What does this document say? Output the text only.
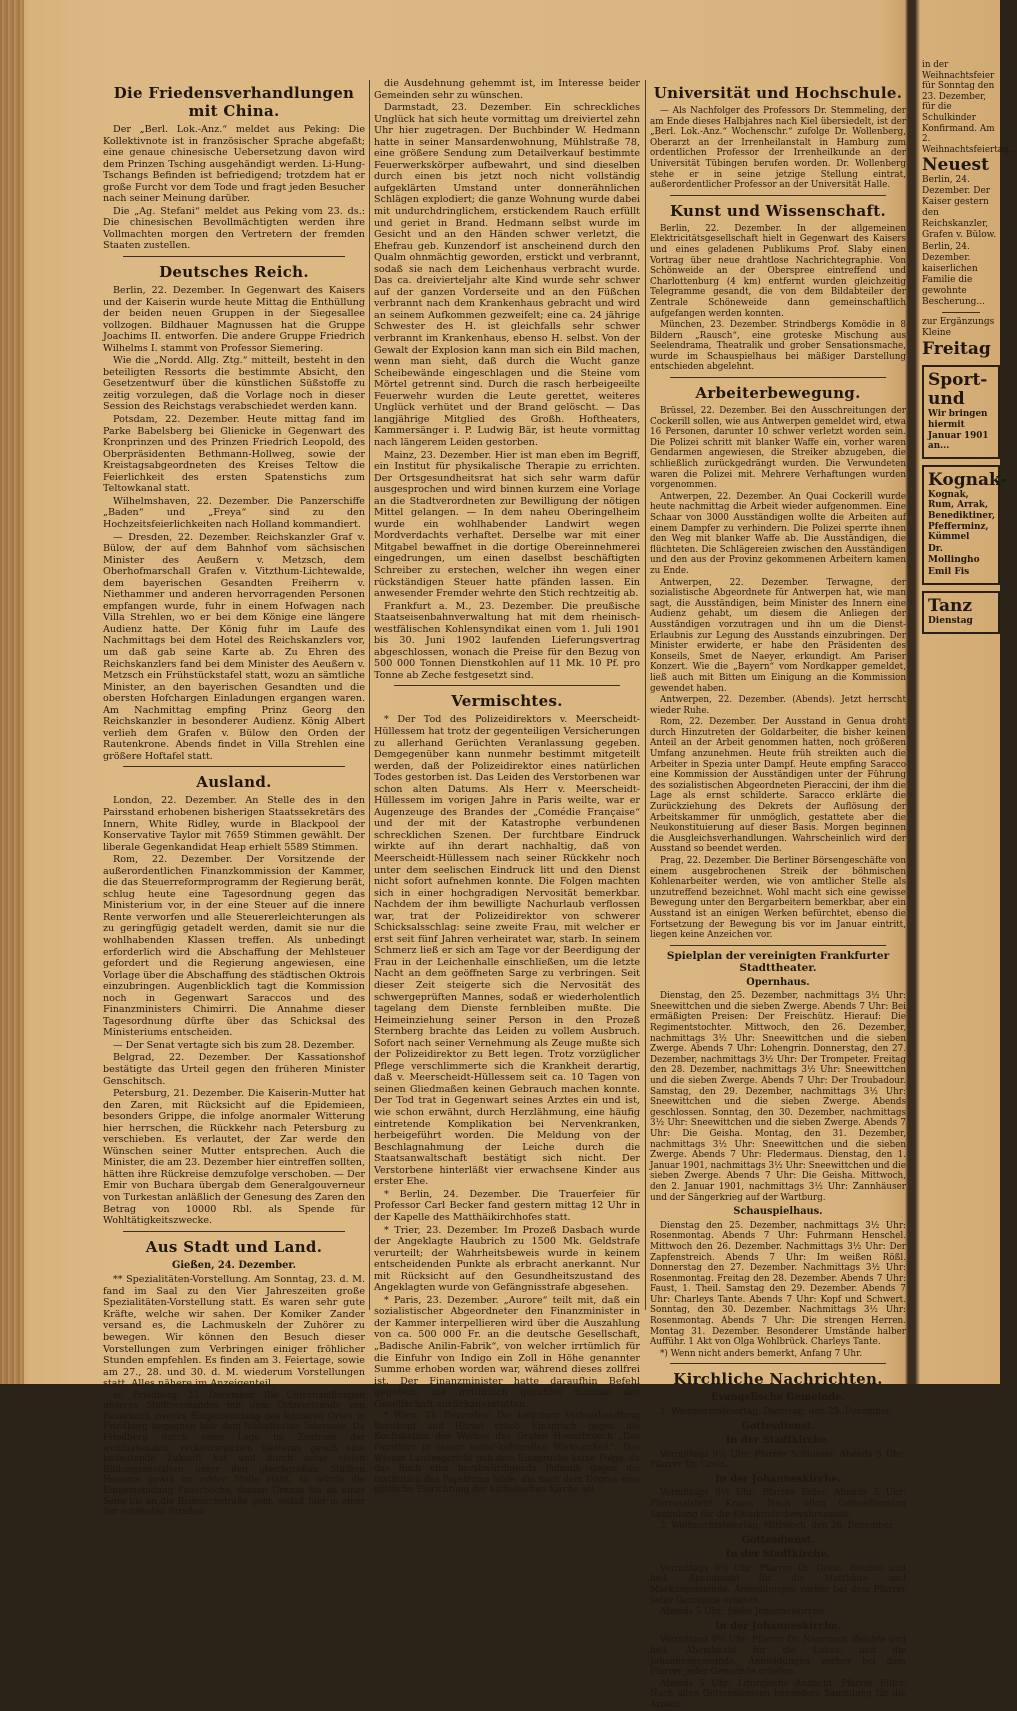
Die Friedensverhandlungen mit China.

Der „Berl. Lok.-Anz.“ meldet aus Peking: Die Kollektivnote ist in französischer Sprache abgefaßt; eine genaue chinesische Uebersetzung davon wird dem Prinzen Tsching ausgehändigt werden. Li-Hung-Tschangs Befinden ist befriedigend; trotzdem hat er große Furcht vor dem Tode und fragt jeden Besucher nach seiner Meinung darüber.

Die „Ag. Stefani“ meldet aus Peking vom 23. ds.: Die chinesischen Bevollmächtigten werden ihre Vollmachten morgen den Vertretern der fremden Staaten zustellen.

Deutsches Reich.

Berlin, 22. Dezember. In Gegenwart des Kaisers und der Kaiserin wurde heute Mittag die Enthüllung der beiden neuen Gruppen in der Siegesallee vollzogen. Bildhauer Magnussen hat die Gruppe Joachims II. entworfen. Die andere Gruppe Friedrich Wilhelms I. stammt von Professor Siemering.

Wie die „Nordd. Allg. Ztg.“ mitteilt, besteht in den beteiligten Ressorts die bestimmte Absicht, den Gesetzentwurf über die künstlichen Süßstoffe zu zeitig vorzulegen, daß die Vorlage noch in dieser Session des Reichstags verabschiedet werden kann.

Potsdam, 22. Dezember. Heute mittag fand im Parke Babelsberg bei Glienicke in Gegenwart des Kronprinzen und des Prinzen Friedrich Leopold, des Oberpräsidenten Bethmann-Hollweg, sowie der Kreistagsabgeordneten des Kreises Teltow die Feierlichkeit des ersten Spatenstichs zum Teltowkanal statt.

Wilhelmshaven, 22. Dezember. Die Panzerschiffe „Baden“ und „Freya“ sind zu den Hochzeitsfeierlichkeiten nach Holland kommandiert.

— Dresden, 22. Dezember. Reichskanzler Graf v. Bülow, der auf dem Bahnhof vom sächsischen Minister des Aeußern v. Metzsch, dem Oberhofmarschall Grafen v. Vitzthum-Lichtewalde, dem bayerischen Gesandten Freiherrn v. Niethammer und anderen hervorragenden Personen empfangen wurde, fuhr in einem Hofwagen nach Villa Strehlen, wo er bei dem Könige eine längere Audienz hatte. Der König fuhr im Laufe des Nachmittags bei dem Hotel des Reichskanzlers vor, um daß gab seine Karte ab. Zu Ehren des Reichskanzlers fand bei dem Minister des Aeußern v. Metzsch ein Frühstückstafel statt, wozu an sämtliche Minister, an den bayerischen Gesandten und die obersten Hofchargen Einladungen ergangen waren. Am Nachmittag empfing Prinz Georg den Reichskanzler in besonderer Audienz. König Albert verlieh dem Grafen v. Bülow den Orden der Rautenkrone. Abends findet in Villa Strehlen eine größere Hoftafel statt.

Ausland.

London, 22. Dezember. An Stelle des in den Pairsstand erhobenen bisherigen Staatssekretärs des Innern, White Ridley, wurde in Blackpool der Konservative Taylor mit 7659 Stimmen gewählt. Der liberale Gegenkandidat Heap erhielt 5589 Stimmen.

Rom, 22. Dezember. Der Vorsitzende der außerordentlichen Finanzkommission der Kammer, die das Steuerreformprogramm der Regierung berät, schlug heute eine Tagesordnung gegen das Ministerium vor, in der eine Steuer auf die innere Rente verworfen und alle Steuererleichterungen als zu geringfügig getadelt werden, damit sie nur die wohlhabenden Klassen treffen. Als unbedingt erforderlich wird die Abschaffung der Mehlsteuer gefordert und die Regierung angewiesen, eine Vorlage über die Abschaffung des städtischen Oktrois einzubringen. Augenblicklich tagt die Kommission noch in Gegenwart Saraccos und des Finanzministers Chimirri. Die Annahme dieser Tagesordnung dürfte über das Schicksal des Ministeriums entscheiden.

— Der Senat vertagte sich bis zum 28. Dezember.

Belgrad, 22. Dezember. Der Kassationshof bestätigte das Urteil gegen den früheren Minister Genschitsch.

Petersburg, 21. Dezember. Die Kaiserin-Mutter hat den Zaren, mit Rücksicht auf die Epidemieen, besonders Grippe, die infolge anormaler Witterung hier herrschen, die Rückkehr nach Petersburg zu verschieben. Es verlautet, der Zar werde den Wünschen seiner Mutter entsprechen. Auch die Minister, die am 23. Dezember hier eintreffen sollten, hätten ihre Rückreise demzufolge verschoben. — Der Emir von Buchara übergab dem Generalgouverneur von Turkestan anläßlich der Genesung des Zaren den Betrag von 10000 Rbl. als Spende für Wohltätigkeitszwecke.

Aus Stadt und Land.
Gießen, 24. Dezember.

** Spezialitäten-Vorstellung. Am Sonntag, 23. d. M. fand im Saal zu den Vier Jahreszeiten große Spezialitäten-Vorstellung statt. Es waren sehr gute Kräfte, welche wir sahen. Der Komiker Zander versand es, die Lachmuskeln der Zuhörer zu bewegen. Wir können den Besuch dieser Vorstellungen zum Verbringen einiger fröhlicher Stunden empfehlen. Es finden am 3. Feiertage, sowie am 27., 28. und 30. d. M. wiederum Vorstellungen statt. Alles nähere im Anzeigenteil.

sc. Friedberg, 23. Dezember. Die Unterhandlungen unseres Stadtvorstandes mit dem Ortsvorstande von Fauerbach zwecks Eingemeindung des letzteren Ortes in Friedberg begegnen hier dem lebhaftesten Interesse. Da Friedberg durch seine Lage im Zentrum der wohlhabenden, verkehrsreichen Wetterau gewiß eine bedeutende Zukunft hat und durch seine vielen Bildungsanstalten unter den gleichgroßen Städten Hessens gewiß an erster Stelle steht, so würde die Eingemeindung Fauerbachs, dessen Grenze bis an einer Seite bis an die Bismarckstraße geht, sodaß hier in einer der schönsten Straßen

die Ausdehnung gehemmt ist, im Interesse beider Gemeinden sehr zu wünschen.

Darmstadt, 23. Dezember. Ein schreckliches Unglück hat sich heute vormittag um dreiviertel zehn Uhr hier zugetragen. Der Buchbinder W. Hedmann hatte in seiner Mansardenwohnung, Mühlstraße 78, eine größere Sendung zum Detailverkauf bestimmte Feuerwerkskörper aufbewahrt, und sind dieselben durch einen bis jetzt noch nicht vollständig aufgeklärten Umstand unter donnerähnlichen Schlägen explodiert; die ganze Wohnung wurde dabei mit undurchdringlichem, erstickendem Rauch erfüllt und geriet in Brand. Hedmann selbst wurde im Gesicht und an den Händen schwer verletzt, die Ehefrau geb. Kunzendorf ist anscheinend durch den Qualm ohnmächtig geworden, erstickt und verbrannt, sodaß sie nach dem Leichenhaus verbracht wurde. Das ca. dreivierteljahr alte Kind wurde sehr schwer auf der ganzen Vorderseite und an den Füßchen verbrannt nach dem Krankenhaus gebracht und wird an seinem Aufkommen gezweifelt; eine ca. 24 jährige Schwester des H. ist gleichfalls sehr schwer verbrannt im Krankenhaus, ebenso H. selbst. Von der Gewalt der Explosion kann man sich ein Bild machen, wenn man sieht, daß durch die Wucht ganze Scheibewände eingeschlagen und die Steine vom Mörtel getrennt sind. Durch die rasch herbeigeeilte Feuerwehr wurden die Leute gerettet, weiteres Unglück verhütet und der Brand gelöscht. — Das langjährige Mitglied des Großh. Hoftheaters, Kammersänger i. P. Ludwig Bär, ist heute vormittag nach längerem Leiden gestorben.

Mainz, 23. Dezember. Hier ist man eben im Begriff, ein Institut für physikalische Therapie zu errichten. Der Ortsgesundheitsrat hat sich sehr warm dafür ausgesprochen und wird binnen kurzem eine Vorlage an die Stadtverordneten zur Bewilligung der nötigen Mittel gelangen. — In dem naheu Oberingelheim wurde ein wohlhabender Landwirt wegen Mordverdachts verhaftet. Derselbe war mit einer Mitgabel bewaffnet in die dortige Obereinnehmerei eingedrungen, um einen daselbst beschäftigten Schreiber zu erstechen, welcher ihn wegen einer rückständigen Steuer hatte pfänden lassen. Ein anwesender Fremder wehrte den Stich rechtzeitig ab.

Frankfurt a. M., 23. Dezember. Die preußische Staatseisenbahnverwaltung hat mit dem rheinisch-westfälischen Kohlensyndikat einen vom 1. Juli 1901 bis 30. Juni 1902 laufenden Lieferungsvertrag abgeschlossen, wonach die Preise für den Bezug von 500 000 Tonnen Dienstkohlen auf 11 Mk. 10 Pf. pro Tonne ab Zeche festgesetzt sind.

Vermischtes.

* Der Tod des Polizeidirektors v. Meerscheidt-Hüllessem hat trotz der gegenteiligen Versicherungen zu allerhand Gerüchten Veranlassung gegeben. Demgegenüber kann nunmehr bestimmt mitgeteilt werden, daß der Polizeidirektor eines natürlichen Todes gestorben ist. Das Leiden des Verstorbenen war schon alten Datums. Als Herr v. Meerscheidt-Hüllessem im vorigen Jahre in Paris weilte, war er Augenzeuge des Brandes der „Comédie Française“ und der mit der Katastrophe verbundenen schrecklichen Szenen. Der furchtbare Eindruck wirkte auf ihn derart nachhaltig, daß von Meerscheidt-Hüllessem nach seiner Rückkehr noch unter dem seelischen Eindruck litt und den Dienst nicht sofort aufnehmen konnte. Die Folgen machten sich in einer hochgradigen Nervosität bemerkbar. Nachdem der ihm bewilligte Nachurlaub verflossen war, trat der Polizeidirektor von schwerer Schicksalsschlag: seine zweite Frau, mit welcher er erst seit fünf Jahren verheiratet war, starb. In seinem Schmerz ließ er sich am Tage vor der Beerdigung der Frau in der Leichenhalle einschließen, um die letzte Nacht an dem geöffneten Sarge zu verbringen. Seit dieser Zeit steigerte sich die Nervosität des schwergeprüften Mannes, sodaß er wiederholentlich tagelang dem Dienste fernbleiben mußte. Die Heimeinziehung seiner Person in den Prozeß Sternberg brachte das Leiden zu vollem Ausbruch. Sofort nach seiner Vernehmung als Zeuge mußte sich der Polizeidirektor zu Bett legen. Trotz vorzüglicher Pflege verschlimmerte sich die Krankheit derartig, daß v. Meerscheidt-Hüllessem seit ca. 10 Tagen von seinen Gliedmaßen keinen Gebrauch machen konnte. Der Tod trat in Gegenwart seines Arztes ein und ist, wie schon erwähnt, durch Herzlähmung, eine häufig eintretende Komplikation bei Nervenkranken, herbeigeführt worden. Die Meldung von der Beschlagnahmung der Leiche durch die Staatsanwaltschaft bestätigt sich nicht. Der Verstorbene hinterläßt vier erwachsene Kinder aus erster Ehe.

* Berlin, 24. Dezember. Die Trauerfeier für Professor Carl Becker fand gestern mittag 12 Uhr in der Kapelle des Matthäikirchhofes statt.

* Trier, 23. Dezember. Im Prozeß Dasbach wurde der Angeklagte Haubrich zu 1500 Mk. Geldstrafe verurteilt; der Wahrheitsbeweis wurde in keinem entscheidenden Punkte als erbracht anerkannt. Nur mit Rücksicht auf den Gesundheitszustand des Angeklagten wurde von Gefängnisstrafe abgesehen.

* Paris, 23. Dezember. „Aurore“ teilt mit, daß ein sozialistischer Abgeordneter den Finanzminister in der Kammer interpellieren wird über die Auszahlung von ca. 500 000 Fr. an die deutsche Gesellschaft, „Badische Anilin-Fabrik“, von welcher irrtümlich für die Einfuhr von Indigo ein Zoll in Höhe genannter Summe erhoben worden war, während dieses zollfrei ist. Der Finanzminister hatte daraufhin Befehl gegeben, die irrtümlich gezahlte Summe der Gesellschaft zurückzuerstatten.

* Wien, 21. Dezember. Die Leipziger Verlagshandlung Breitkopf und Härtel erhob Einspruch gegen die Konfiskation des Werkes des Grafen Hoensbroech „Das Papsttum in seiner sozial-kulturellen Wirksamkeit“. Das Wiener Landesgericht gab dem Einspruche keine Folge, da das Buch eine herabwürdigende Polemik gegen die Institution des Papsttums bilde, die nach dem Dogma eine göttliche Einrichtung der katholischen Kirche sei.

Universität und Hochschule.

— Als Nachfolger des Professors Dr. Stemmeling, der am Ende dieses Halbjahres nach Kiel übersiedelt, ist der „Berl. Lok.-Anz.“ Wochenschr.“ zufolge Dr. Wollenberg, Oberarzt an der Irrenheilanstalt in Hamburg zum ordentlichen Professor der Irrenheilkunde an der Universität Tübingen berufen worden. Dr. Wollenberg stehe er in seine jetzige Stellung eintrat, außerordentlicher Professor an der Universität Halle.

Kunst und Wissenschaft.

Berlin, 22. Dezember. In der allgemeinen Elektricitätsgesellschaft hielt in Gegenwart des Kaisers und eines geladenen Publikums Prof. Slaby einen Vortrag über neue drahtlose Nachrichtegraphie. Von Schönweide an der Oberspree eintreffend und Charlottenburg (4 km) entfernt wurden gleichzeitig Telegramme gesandt, die von dem Bildabteiler der Zentrale Schöneweide dann gemeinschaftlich aufgefangen werden konnten.

München, 23. Dezember. Strindbergs Komödie in 8 Bildern „Rausch“, eine groteske Mischung aus Seelendrama, Theatralik und grober Sensationsmache, wurde im Schauspielhaus bei mäßiger Darstellung entschieden abgelehnt.

Arbeiterbewegung.

Brüssel, 22. Dezember. Bei den Ausschreitungen der Cockerill sollen, wie aus Antwerpen gemeldet wird, etwa 16 Personen, darunter 10 schwer verletzt worden sein. Die Polizei schritt mit blanker Waffe ein, vorher waren Gendarmen angewiesen, die Streiker abzugeben, die schließlich zurückgedrängt wurden. Die Verwundeten waren die Polizei mit. Mehrere Verhaftungen wurden vorgenommen.

Antwerpen, 22. Dezember. An Quai Cockerill wurde heute nachmittag die Arbeit wieder aufgenommen. Eine Schaar von 3000 Ausständigen wollte die Arbeiten auf einem Dampfer zu verhindern. Die Polizei sperrte ihnen den Weg mit blanker Waffe ab. Die Ausständigen, die flüchteten. Die Schlägereien zwischen den Ausständigen und den aus der Provinz gekommenen Arbeitern kamen zu Ende.

Antwerpen, 22. Dezember. Terwagne, der sozialistische Abgeordnete für Antwerpen hat, wie man sagt, die Ausständigen, beim Minister des Innern eine Audienz gehabt, um diesem die Anliegen der Ausständigen vorzutragen und ihn um die Dienst-Erlaubnis zur Legung des Ausstands einzubringen. Der Minister erwiderte, er habe den Präsidenten des Konseils, Smet de Naeyer, erkundigt. Am Pariser Konzert. Wie die „Bayern“ vom Nordkapper gemeldet, ließ auch mit Bitten um Einigung an die Kommission gewendet haben.

Antwerpen, 22. Dezember. (Abends). Jetzt herrscht wieder Ruhe.

Rom, 22. Dezember. Der Ausstand in Genua droht durch Hinzutreten der Goldarbeiter, die bisher keinen Anteil an der Arbeit genommen hatten, noch größeren Umfang anzunehmen. Heute früh streikten auch die Arbeiter in Spezia unter Dampf. Heute empfing Saracco eine Kommission der Ausständigen unter der Führung des sozialistischen Abgeordneten Pieraccini, der ihm die Lage als ernst schilderte. Saracco erklärte die Zurückziehung des Dekrets der Auflösung der Arbeitskammer für unmöglich, gestattete aber die Neukonstituierung auf dieser Basis. Morgen beginnen die Ausgleichsverhandlungen. Wahrscheinlich wird der Ausstand so beendet werden.

Prag, 22. Dezember. Die Berliner Börsengeschäfte von einem ausgebrochenen Streik der böhmischen Kohlenarbeiter werden, wie von amtlicher Stelle als unzutreffend bezeichnet. Wohl macht sich eine gewisse Bewegung unter den Bergarbeitern bemerkbar, aber ein Ausstand ist an einigen Werken befürchtet, ebenso die Fortsetzung der Bewegung bis vor im Januar eintritt, liegen keine Anzeichen vor.

Spielplan der vereinigten Frankfurter Stadttheater.
Opernhaus.

Dienstag, den 25. Dezember, nachmittags 3½ Uhr: Sneewittchen und die sieben Zwerge. Abends 7 Uhr: Bei ermäßigten Preisen: Der Freischütz. Hierauf: Die Regimentstochter. Mittwoch, den 26. Dezember, nachmittags 3½ Uhr: Sneewittchen und die sieben Zwerge. Abends 7 Uhr: Lohengrin. Donnerstag, den 27. Dezember, nachmittags 3½ Uhr: Der Trompeter. Freitag den 28. Dezember, nachmittags 3½ Uhr: Sneewittchen und die sieben Zwerge. Abends 7 Uhr: Der Troubadour. Samstag, den 29. Dezember, nachmittags 3½ Uhr: Sneewittchen und die sieben Zwerge. Abends geschlossen. Sonntag, den 30. Dezember, nachmittags 3½ Uhr: Sneewittchen und die sieben Zwerge. Abends 7 Uhr: Die Geisha. Montag, den 31. Dezember, nachmittags 3½ Uhr: Sneewittchen und die sieben Zwerge. Abends 7 Uhr: Fledermaus. Dienstag, den 1. Januar 1901, nachmittags 3½ Uhr: Sneewittchen und die sieben Zwerge. Abends 7 Uhr: Die Geisha. Mittwoch, den 2. Januar 1901, nachmittags 3½ Uhr: Zannhäuser und der Sängerkrieg auf der Wartburg.

Schauspielhaus.

Dienstag den 25. Dezember, nachmittags 3½ Uhr: Rosenmontag. Abends 7 Uhr: Fuhrmann Henschel. Mittwoch den 26. Dezember. Nachmittags 3½ Uhr: Der Zapfenstreich. Abends 7 Uhr: Im weißen Rößl. Donnerstag den 27. Dezember. Nachmittags 3½ Uhr: Rosenmontag. Freitag den 28. Dezember. Abends 7 Uhr: Faust, 1. Theil. Samstag den 29. Dezember. Abends 7 Uhr: Charleys Tante. Abends 7 Uhr: Kopf und Schwert. Sonntag, den 30. Dezember. Nachmittags 3½ Uhr: Rosenmontag. Abends 7 Uhr: Die strengen Herren. Montag 31. Dezember. Besonderer Umstände halber Aufführ. 1 Akt von Olga Wohlbrück. Charleys Tante.

*) Wenn nicht anders bemerkt, Anfang 7 Uhr.

Kirchliche Nachrichten.
Evangelische Gemeinde.

1. Weihnachtsfeiertag, Dienstag, den 25. Dezember.

Gottesdienst.
In der Stadtkirche.

Vormittags 9½ Uhr: Pfarrer Schlosser. Abends 5 Uhr: Pfarrer Dr. Grein.

In der Johanneskirche.

Vormittags 9½ Uhr: Pfarrer Euler. Abends 5 Uhr: Pfarrassistent Kraus. Nach allen Gottesdiensten Sammlung für die Kleinkinderbewahranstalt.

2. Weihnachtsfeiertag, Mittwoch, den 26. Dezember.

Gottesdienst.
In der Stadtkirche.

Vormittags 9½ Uhr: Pfarrer Dr. Grein. Beichte und heil. Abendmahl für die Matthäus- und Markusgemeinde. Anmeldungen vorher bei dem Pfarrer jeder Gemeinde erbeten.

Abends 5 Uhr: Siehe Johanneskirche.

In der Johanneskirche.

Vormittags 9½ Uhr: Pfarrer Dr. Naumann. Beichte und heil. Abendmahl für die Lukas- und die Johannesgemeinde. Anmeldungen vorher bei dem Pfarrer jeder Gemeinde erbeten.

Abends 5 Uhr: Liturgische Andacht. Pfarrer Euler. Nach allen Gottesdiensten besondere Sammlung für die Armen.

in der Weihnachtsfeier für Sonntag den 23. Dezember, für die Schulkinder Konfirmand. Am 2. Weihnachtsfeiertag...

Neuest

Berlin, 24. Dezember. Der Kaiser gestern den Reichskanzler, Grafen v. Bülow.

Berlin, 24. Dezember. kaiserlichen Familie die gewohnte Bescherung...

zur Ergänzungs Kleine

Freitag
Sport- und

Wir bringen hiermit Januar 1901 an...

Kognak-

Kognak, Rum, Arrak, Benediktiner, Pfefferminz, Kümmel

Dr. Mollingho

Emil Fis

Tanz

Dienstag
